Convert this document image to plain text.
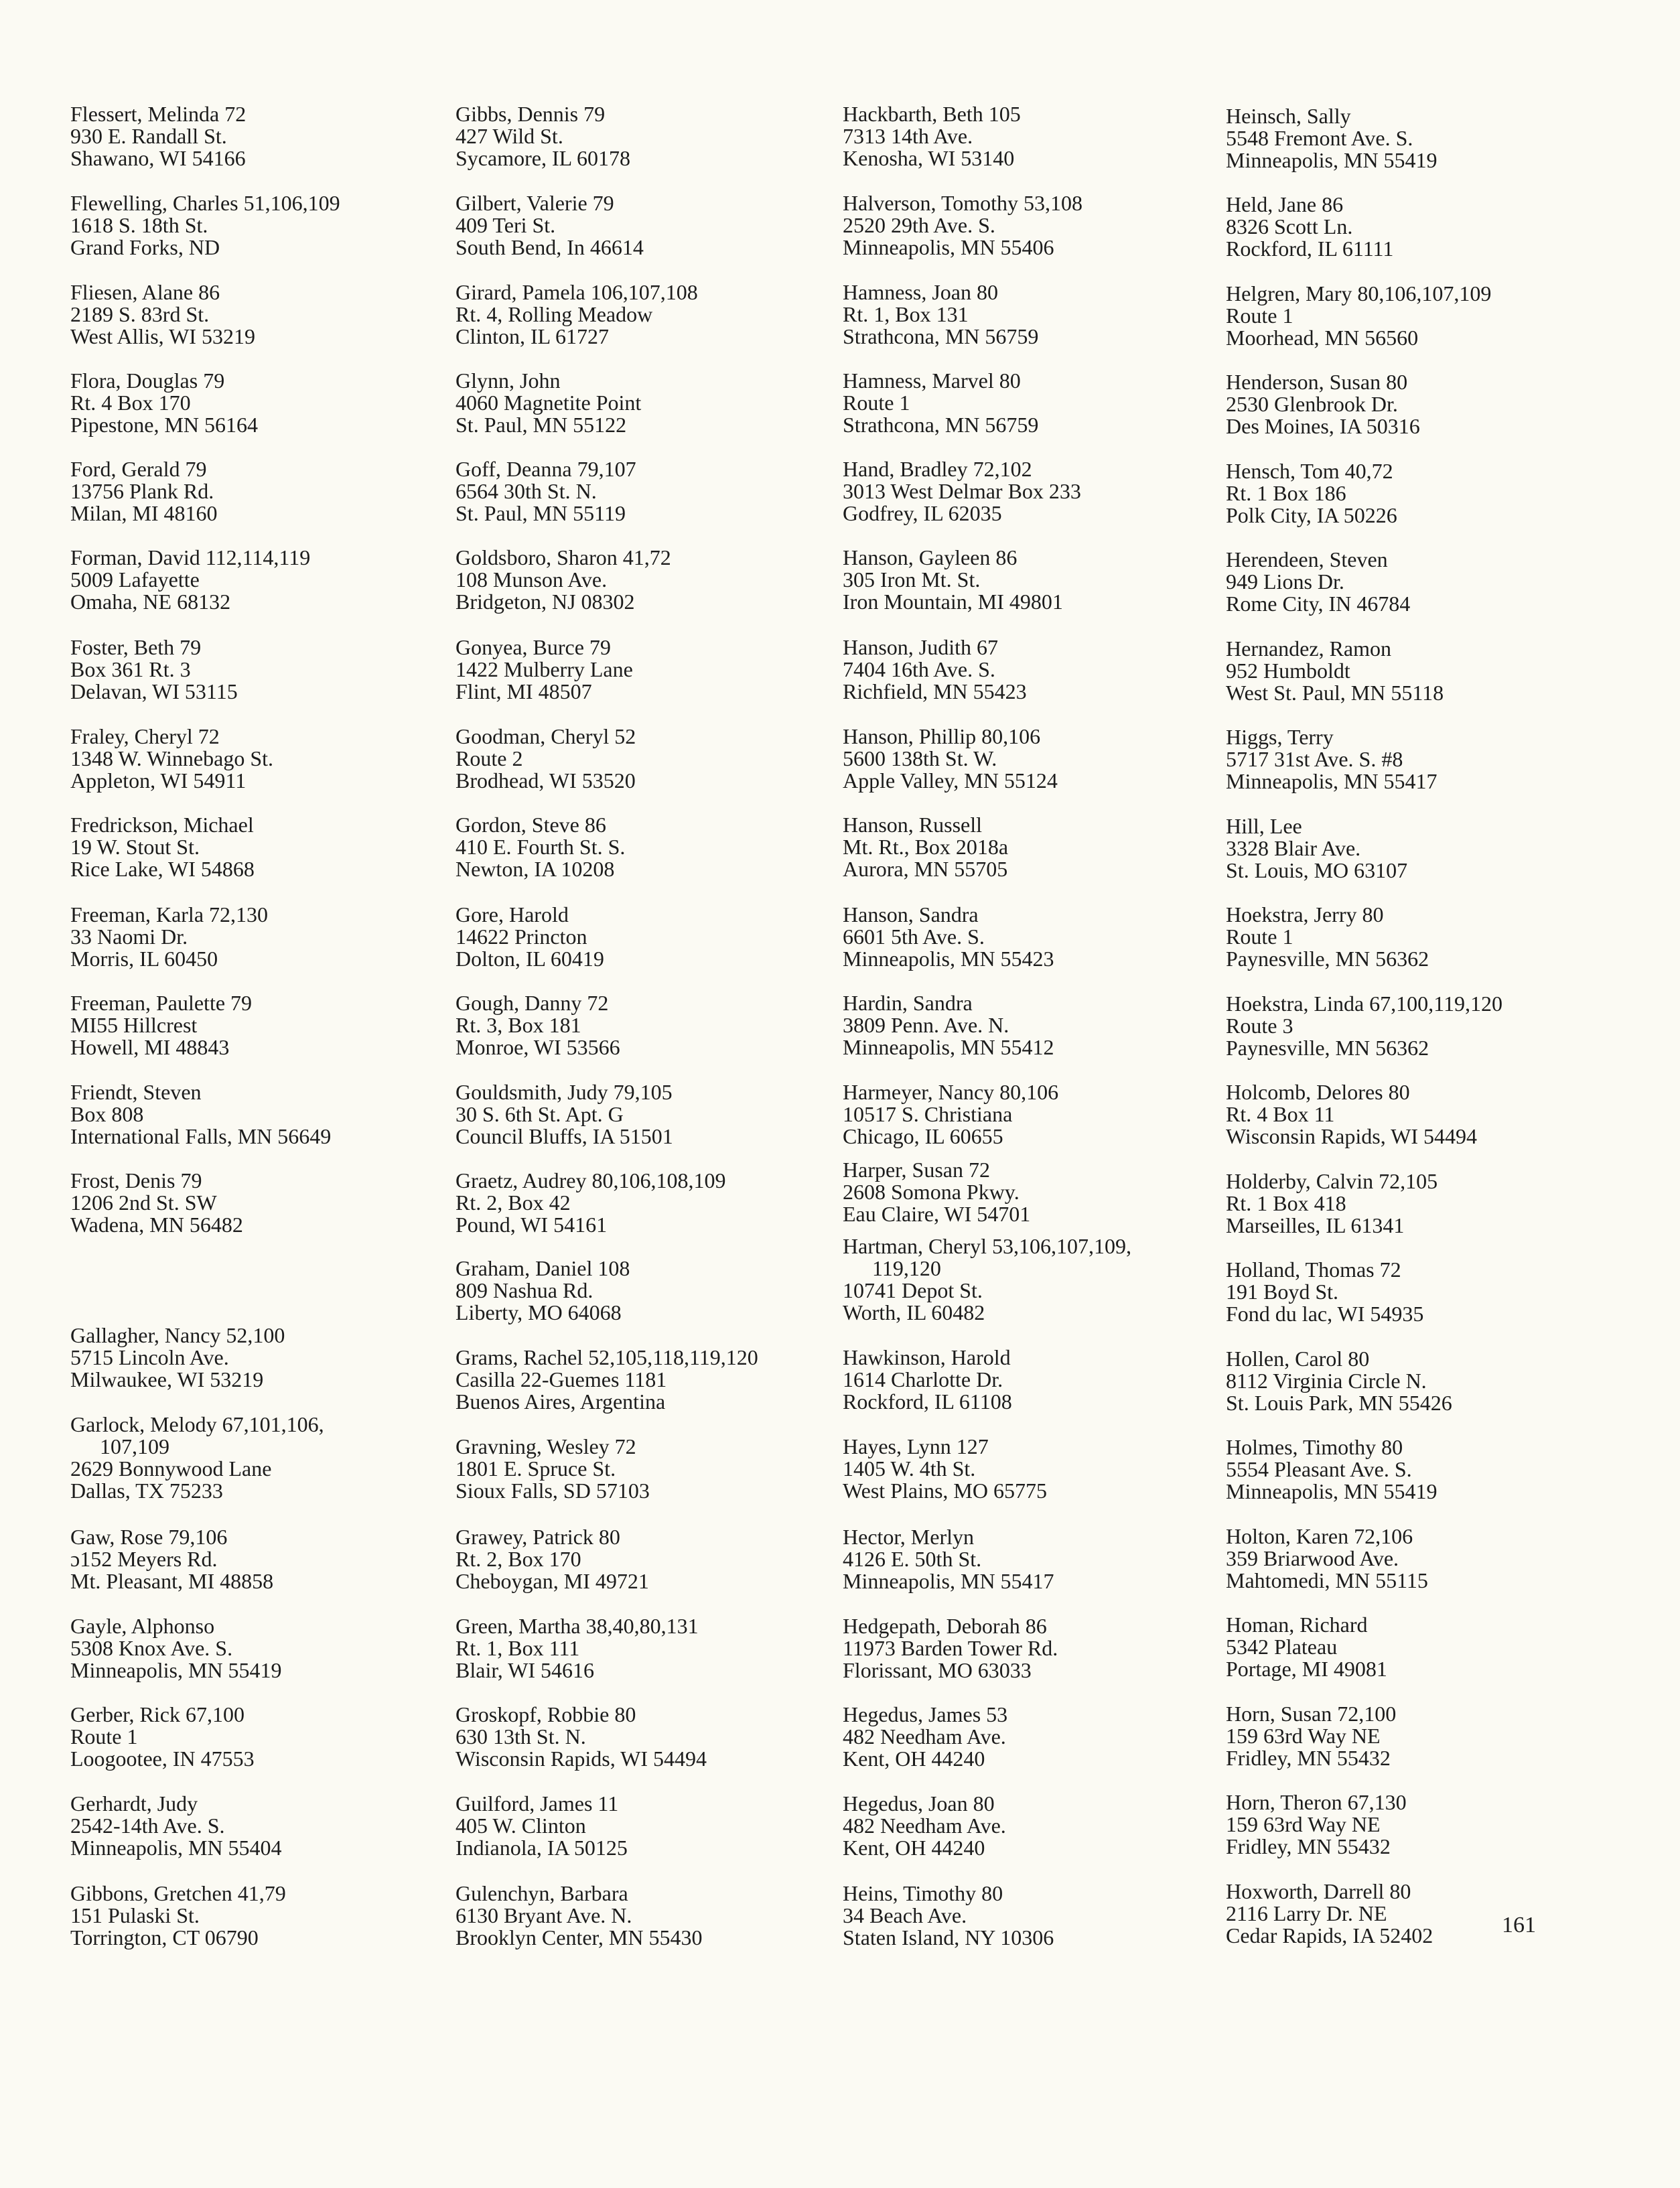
Flessert, Melinda 72
930 E. Randall St.
Shawano, WI 54166
Flewelling, Charles 51,106,109
1618 S. 18th St.
Grand Forks, ND
Fliesen, Alane 86
2189 S. 83rd St.
West Allis, WI 53219
Flora, Douglas 79
Rt. 4 Box 170
Pipestone, MN 56164
Ford, Gerald 79
13756 Plank Rd.
Milan, MI 48160
Forman, David 112,114,119
5009 Lafayette
Omaha, NE 68132
Foster, Beth 79
Box 361 Rt. 3
Delavan, WI 53115
Fraley, Cheryl 72
1348 W. Winnebago St.
Appleton, WI 54911
Fredrickson, Michael
19 W. Stout St.
Rice Lake, WI 54868
Freeman, Karla 72,130
33 Naomi Dr.
Morris, IL 60450
Freeman, Paulette 79
MI55 Hillcrest
Howell, MI 48843
Friendt, Steven
Box 808
International Falls, MN 56649
Frost, Denis 79
1206 2nd St. SW
Wadena, MN 56482
Gallagher, Nancy 52,100
5715 Lincoln Ave.
Milwaukee, WI 53219
Garlock, Melody 67,101,106,
107,109
2629 Bonnywood Lane
Dallas, TX 75233
Gaw, Rose 79,106
ɔ152 Meyers Rd.
Mt. Pleasant, MI 48858
Gayle, Alphonso
5308 Knox Ave. S.
Minneapolis, MN 55419
Gerber, Rick 67,100
Route 1
Loogootee, IN 47553
Gerhardt, Judy
2542-14th Ave. S.
Minneapolis, MN 55404
Gibbons, Gretchen 41,79
151 Pulaski St.
Torrington, CT 06790
Gibbs, Dennis 79
427 Wild St.
Sycamore, IL 60178
Gilbert, Valerie 79
409 Teri St.
South Bend, In 46614
Girard, Pamela 106,107,108
Rt. 4, Rolling Meadow
Clinton, IL 61727
Glynn, John
4060 Magnetite Point
St. Paul, MN 55122
Goff, Deanna 79,107
6564 30th St. N.
St. Paul, MN 55119
Goldsboro, Sharon 41,72
108 Munson Ave.
Bridgeton, NJ 08302
Gonyea, Burce 79
1422 Mulberry Lane
Flint, MI 48507
Goodman, Cheryl 52
Route 2
Brodhead, WI 53520
Gordon, Steve 86
410 E. Fourth St. S.
Newton, IA 10208
Gore, Harold
14622 Princton
Dolton, IL 60419
Gough, Danny 72
Rt. 3, Box 181
Monroe, WI 53566
Gouldsmith, Judy 79,105
30 S. 6th St. Apt. G
Council Bluffs, IA 51501
Graetz, Audrey 80,106,108,109
Rt. 2, Box 42
Pound, WI 54161
Graham, Daniel 108
809 Nashua Rd.
Liberty, MO 64068
Grams, Rachel 52,105,118,119,120
Casilla 22-Guemes 1181
Buenos Aires, Argentina
Gravning, Wesley 72
1801 E. Spruce St.
Sioux Falls, SD 57103
Grawey, Patrick 80
Rt. 2, Box 170
Cheboygan, MI 49721
Green, Martha 38,40,80,131
Rt. 1, Box 111
Blair, WI 54616
Groskopf, Robbie 80
630 13th St. N.
Wisconsin Rapids, WI 54494
Guilford, James 11
405 W. Clinton
Indianola, IA 50125
Gulenchyn, Barbara
6130 Bryant Ave. N.
Brooklyn Center, MN 55430
Hackbarth, Beth 105
7313 14th Ave.
Kenosha, WI 53140
Halverson, Tomothy 53,108
2520 29th Ave. S.
Minneapolis, MN 55406
Hamness, Joan 80
Rt. 1, Box 131
Strathcona, MN 56759
Hamness, Marvel 80
Route 1
Strathcona, MN 56759
Hand, Bradley 72,102
3013 West Delmar Box 233
Godfrey, IL 62035
Hanson, Gayleen 86
305 Iron Mt. St.
Iron Mountain, MI 49801
Hanson, Judith 67
7404 16th Ave. S.
Richfield, MN 55423
Hanson, Phillip 80,106
5600 138th St. W.
Apple Valley, MN 55124
Hanson, Russell
Mt. Rt., Box 2018a
Aurora, MN 55705
Hanson, Sandra
6601 5th Ave. S.
Minneapolis, MN 55423
Hardin, Sandra
3809 Penn. Ave. N.
Minneapolis, MN 55412
Harmeyer, Nancy 80,106
10517 S. Christiana
Chicago, IL 60655
Harper, Susan 72
2608 Somona Pkwy.
Eau Claire, WI 54701
Hartman, Cheryl 53,106,107,109,
119,120
10741 Depot St.
Worth, IL 60482
Hawkinson, Harold
1614 Charlotte Dr.
Rockford, IL 61108
Hayes, Lynn 127
1405 W. 4th St.
West Plains, MO 65775
Hector, Merlyn
4126 E. 50th St.
Minneapolis, MN 55417
Hedgepath, Deborah 86
11973 Barden Tower Rd.
Florissant, MO 63033
Hegedus, James 53
482 Needham Ave.
Kent, OH 44240
Hegedus, Joan 80
482 Needham Ave.
Kent, OH 44240
Heins, Timothy 80
34 Beach Ave.
Staten Island, NY 10306
Heinsch, Sally
5548 Fremont Ave. S.
Minneapolis, MN 55419
Held, Jane 86
8326 Scott Ln.
Rockford, IL 61111
Helgren, Mary 80,106,107,109
Route 1
Moorhead, MN 56560
Henderson, Susan 80
2530 Glenbrook Dr.
Des Moines, IA 50316
Hensch, Tom 40,72
Rt. 1 Box 186
Polk City, IA 50226
Herendeen, Steven
949 Lions Dr.
Rome City, IN 46784
Hernandez, Ramon
952 Humboldt
West St. Paul, MN 55118
Higgs, Terry
5717 31st Ave. S. #8
Minneapolis, MN 55417
Hill, Lee
3328 Blair Ave.
St. Louis, MO 63107
Hoekstra, Jerry 80
Route 1
Paynesville, MN 56362
Hoekstra, Linda 67,100,119,120
Route 3
Paynesville, MN 56362
Holcomb, Delores 80
Rt. 4 Box 11
Wisconsin Rapids, WI 54494
Holderby, Calvin 72,105
Rt. 1 Box 418
Marseilles, IL 61341
Holland, Thomas 72
191 Boyd St.
Fond du lac, WI 54935
Hollen, Carol 80
8112 Virginia Circle N.
St. Louis Park, MN 55426
Holmes, Timothy 80
5554 Pleasant Ave. S.
Minneapolis, MN 55419
Holton, Karen 72,106
359 Briarwood Ave.
Mahtomedi, MN 55115
Homan, Richard
5342 Plateau
Portage, MI 49081
Horn, Susan 72,100
159 63rd Way NE
Fridley, MN 55432
Horn, Theron 67,130
159 63rd Way NE
Fridley, MN 55432
Hoxworth, Darrell 80
2116 Larry Dr. NE
Cedar Rapids, IA 52402	161
